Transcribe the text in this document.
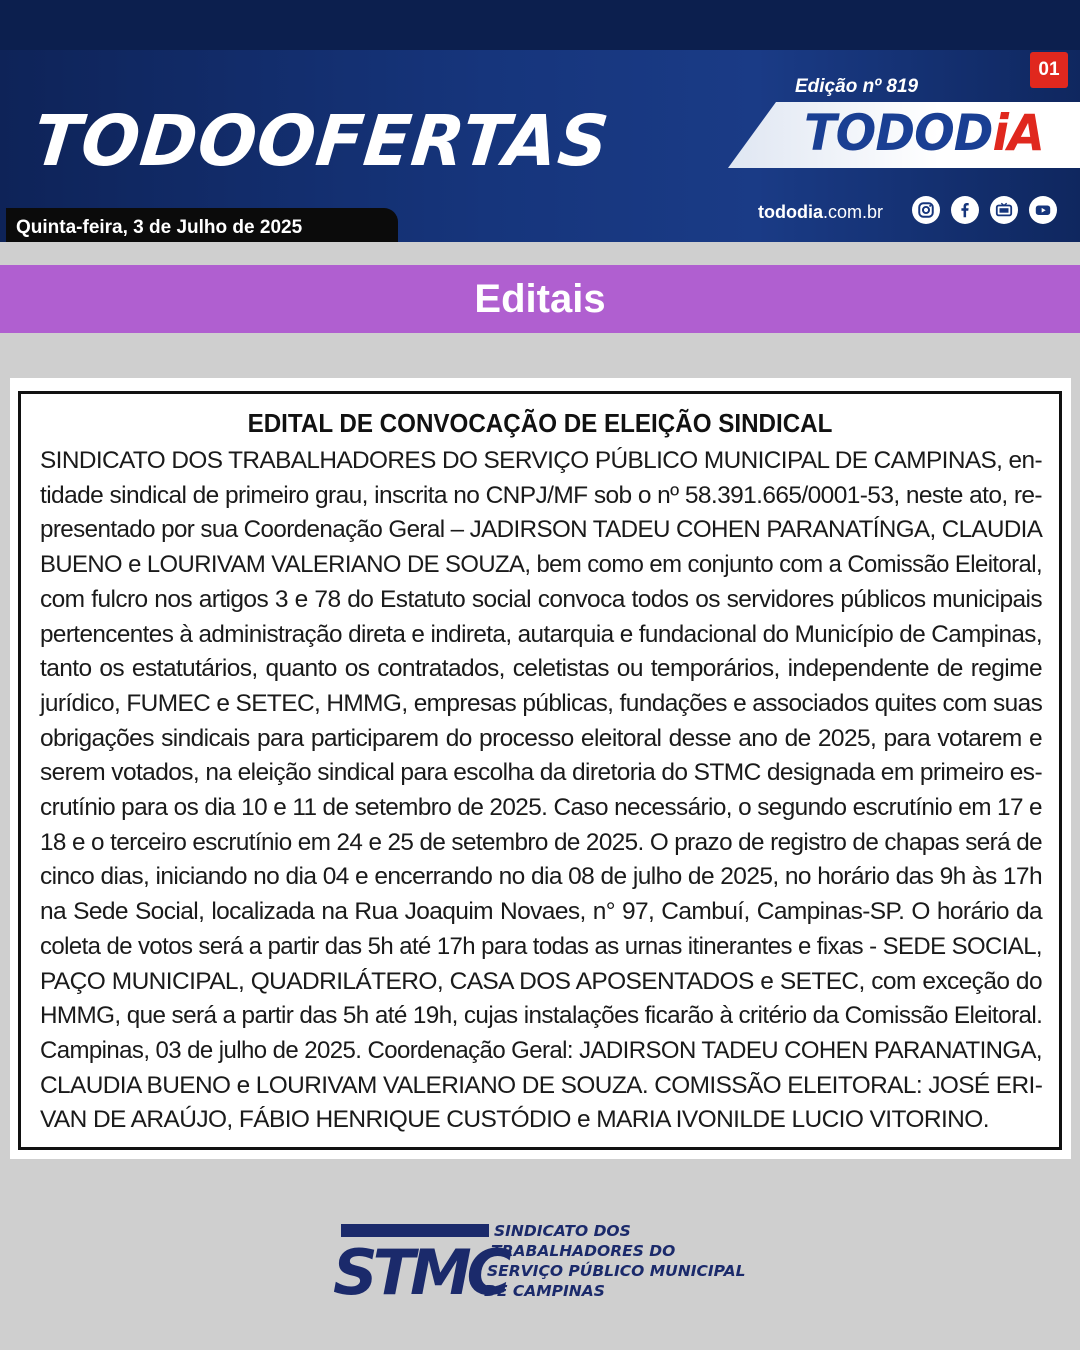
TODOOFERTAS
Quinta-feira, 3 de Julho de 2025
01
Edição nº 819
TODODiA
tododia.com.br
Editais
EDITAL DE CONVOCAÇÃO DE ELEIÇÃO SINDICAL
SINDICATO DOS TRABALHADORES DO SERVIÇO PÚBLICO MUNICIPAL DE CAMPINAS, en-
tidade sindical de primeiro grau, inscrita no CNPJ/MF sob o nº 58.391.665/0001-53, neste ato, re-
presentado por sua Coordenação Geral – JADIRSON TADEU COHEN PARANATÍNGA, CLAUDIA
BUENO e LOURIVAM VALERIANO DE SOUZA, bem como em conjunto com a Comissão Eleitoral,
com fulcro nos artigos 3 e 78 do Estatuto social convoca todos os servidores públicos municipais
pertencentes à administração direta e indireta, autarquia e fundacional do Município de Campinas,
tanto os estatutários, quanto os contratados, celetistas ou temporários, independente de regime
jurídico, FUMEC e SETEC, HMMG, empresas públicas, fundações e associados quites com suas
obrigações sindicais para participarem do processo eleitoral desse ano de 2025, para votarem e
serem votados, na eleição sindical para escolha da diretoria do STMC designada em primeiro es-
crutínio para os dia 10 e 11 de setembro de 2025. Caso necessário, o segundo escrutínio em 17 e
18 e o terceiro escrutínio em 24 e 25 de setembro de 2025. O prazo de registro de chapas será de
cinco dias, iniciando no dia 04 e encerrando no dia 08 de julho de 2025, no horário das 9h às 17h
na Sede Social, localizada na Rua Joaquim Novaes, n° 97, Cambuí, Campinas-SP. O horário da
coleta de votos será a partir das 5h até 17h para todas as urnas itinerantes e fixas - SEDE SOCIAL,
PAÇO MUNICIPAL, QUADRILÁTERO, CASA DOS APOSENTADOS e SETEC, com exceção do
HMMG, que será a partir das 5h até 19h, cujas instalações ficarão à critério da Comissão Eleitoral.
Campinas, 03 de julho de 2025. Coordenação Geral: JADIRSON TADEU COHEN PARANATINGA,
CLAUDIA BUENO e LOURIVAM VALERIANO DE SOUZA. COMISSÃO ELEITORAL: JOSÉ ERI-
VAN DE ARAÚJO, FÁBIO HENRIQUE CUSTÓDIO e MARIA IVONILDE LUCIO VITORINO.
STMC
SINDICATO DOS
TRABALHADORES DO
SERVIÇO PÚBLICO MUNICIPAL
DE CAMPINAS
